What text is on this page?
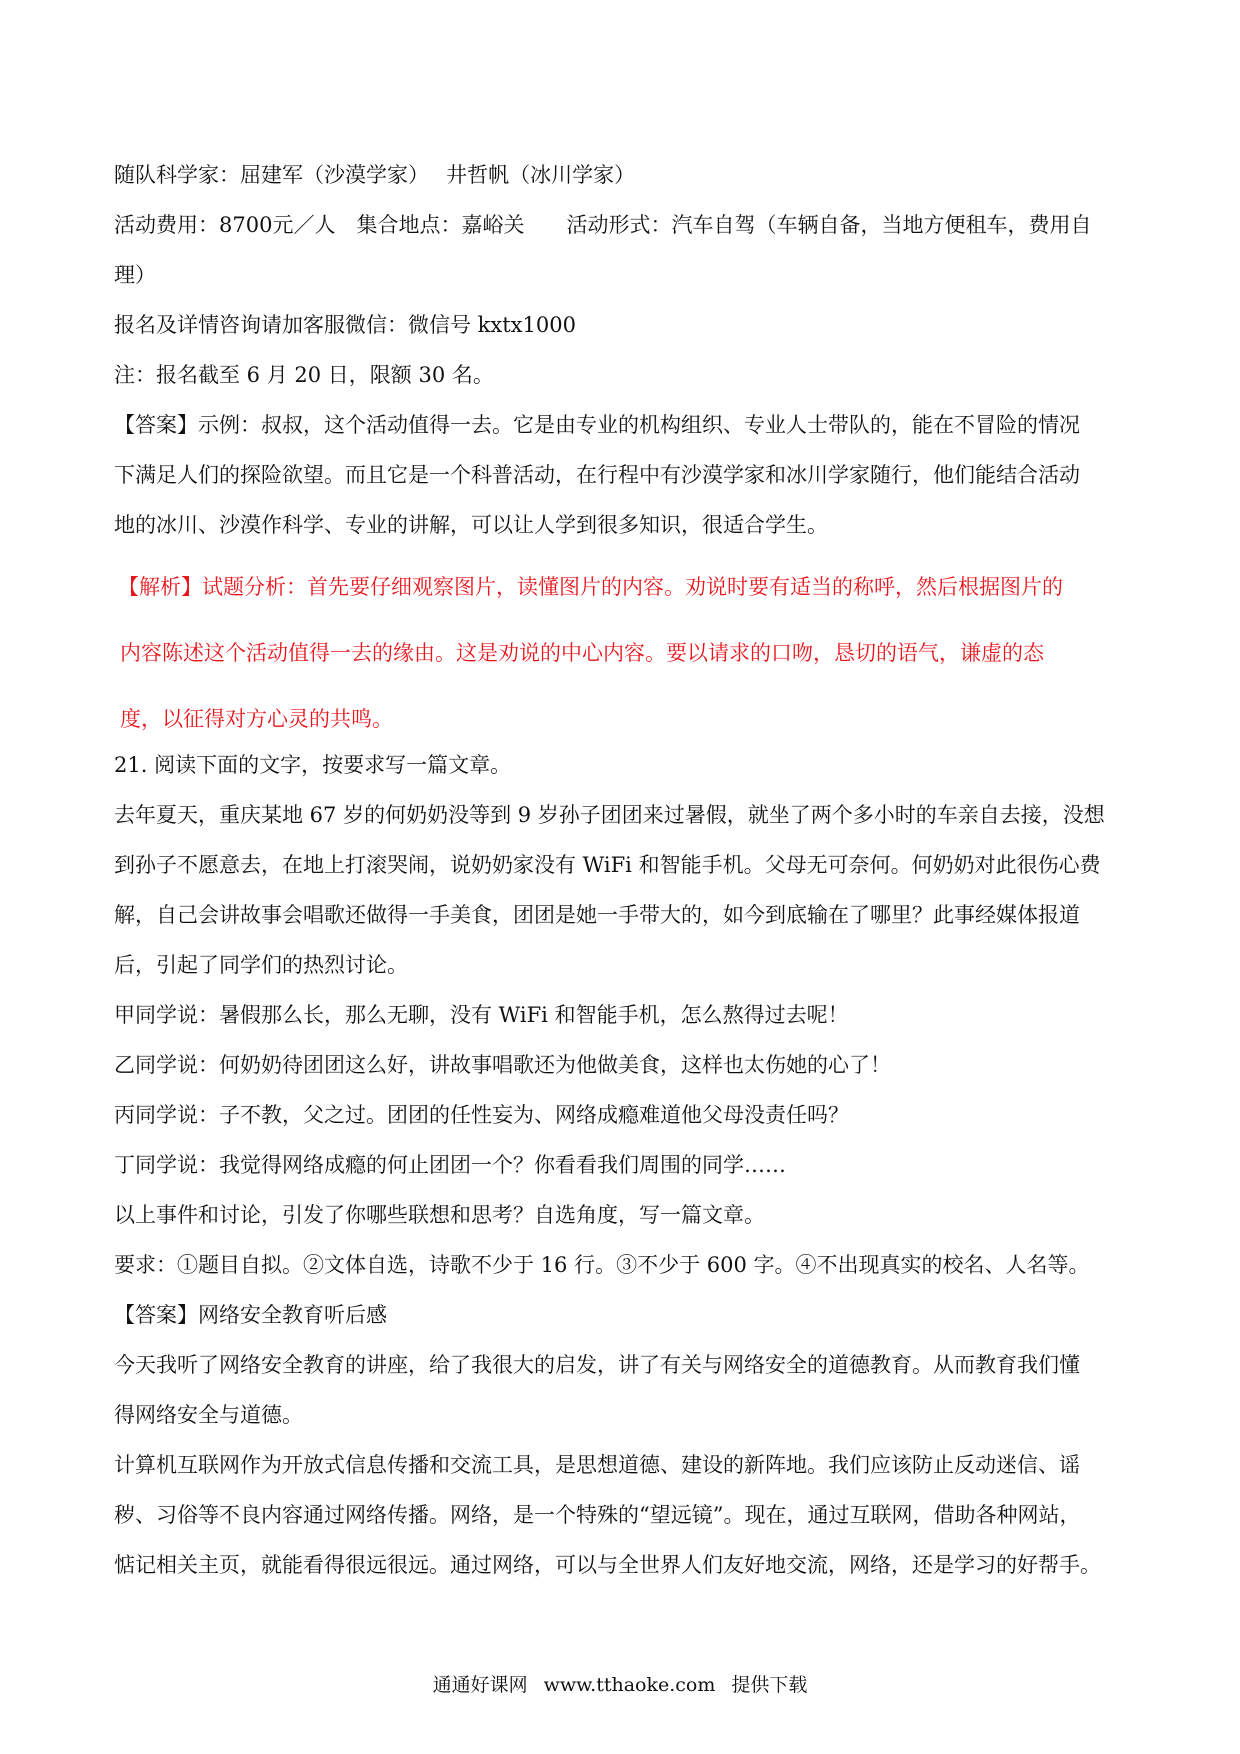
随队科学家：屈建军（沙漠学家）　 井哲帆（冰川学家）

活动费用：8700元／人　集合地点：嘉峪关　　活动形式：汽车自驾（车辆自备，当地方便租车，费用自

理）

报名及详情咨询请加客服微信：微信号 kxtx1000

注：报名截至 6 月 20 日，限额 30 名。

【答案】示例：叔叔，这个活动值得一去。它是由专业的机构组织、专业人士带队的，能在不冒险的情况

下满足人们的探险欲望。而且它是一个科普活动，在行程中有沙漠学家和冰川学家随行，他们能结合活动

地的冰川、沙漠作科学、专业的讲解，可以让人学到很多知识，很适合学生。

【解析】试题分析：首先要仔细观察图片，读懂图片的内容。劝说时要有适当的称呼，然后根据图片的

内容陈述这个活动值得一去的缘由。这是劝说的中心内容。要以请求的口吻，恳切的语气，谦虚的态

度，以征得对方心灵的共鸣。

21. 阅读下面的文字，按要求写一篇文章。

去年夏天，重庆某地 67 岁的何奶奶没等到 9 岁孙子团团来过暑假，就坐了两个多小时的车亲自去接，没想

到孙子不愿意去，在地上打滚哭闹，说奶奶家没有 WiFi 和智能手机。父母无可奈何。何奶奶对此很伤心费

解，自己会讲故事会唱歌还做得一手美食，团团是她一手带大的，如今到底输在了哪里？此事经媒体报道

后，引起了同学们的热烈讨论。

甲同学说：暑假那么长，那么无聊，没有 WiFi 和智能手机，怎么熬得过去呢！

乙同学说：何奶奶待团团这么好，讲故事唱歌还为他做美食，这样也太伤她的心了！

丙同学说：子不教，父之过。团团的任性妄为、网络成瘾难道他父母没责任吗？

丁同学说：我觉得网络成瘾的何止团团一个？你看看我们周围的同学……

以上事件和讨论，引发了你哪些联想和思考？自选角度，写一篇文章。

要求：①题目自拟。②文体自选，诗歌不少于 16 行。③不少于 600 字。④不出现真实的校名、人名等。

【答案】网络安全教育听后感

今天我听了网络安全教育的讲座，给了我很大的启发，讲了有关与网络安全的道德教育。从而教育我们懂

得网络安全与道德。

计算机互联网作为开放式信息传播和交流工具，是思想道德、建设的新阵地。我们应该防止反动迷信、谣

秽、习俗等不良内容通过网络传播。网络，是一个特殊的“望远镜”。现在，通过互联网，借助各种网站，

惦记相关主页，就能看得很远很远。通过网络，可以与全世界人们友好地交流，网络，还是学习的好帮手。

通通好课网 www.tthaoke.com 提供下载
